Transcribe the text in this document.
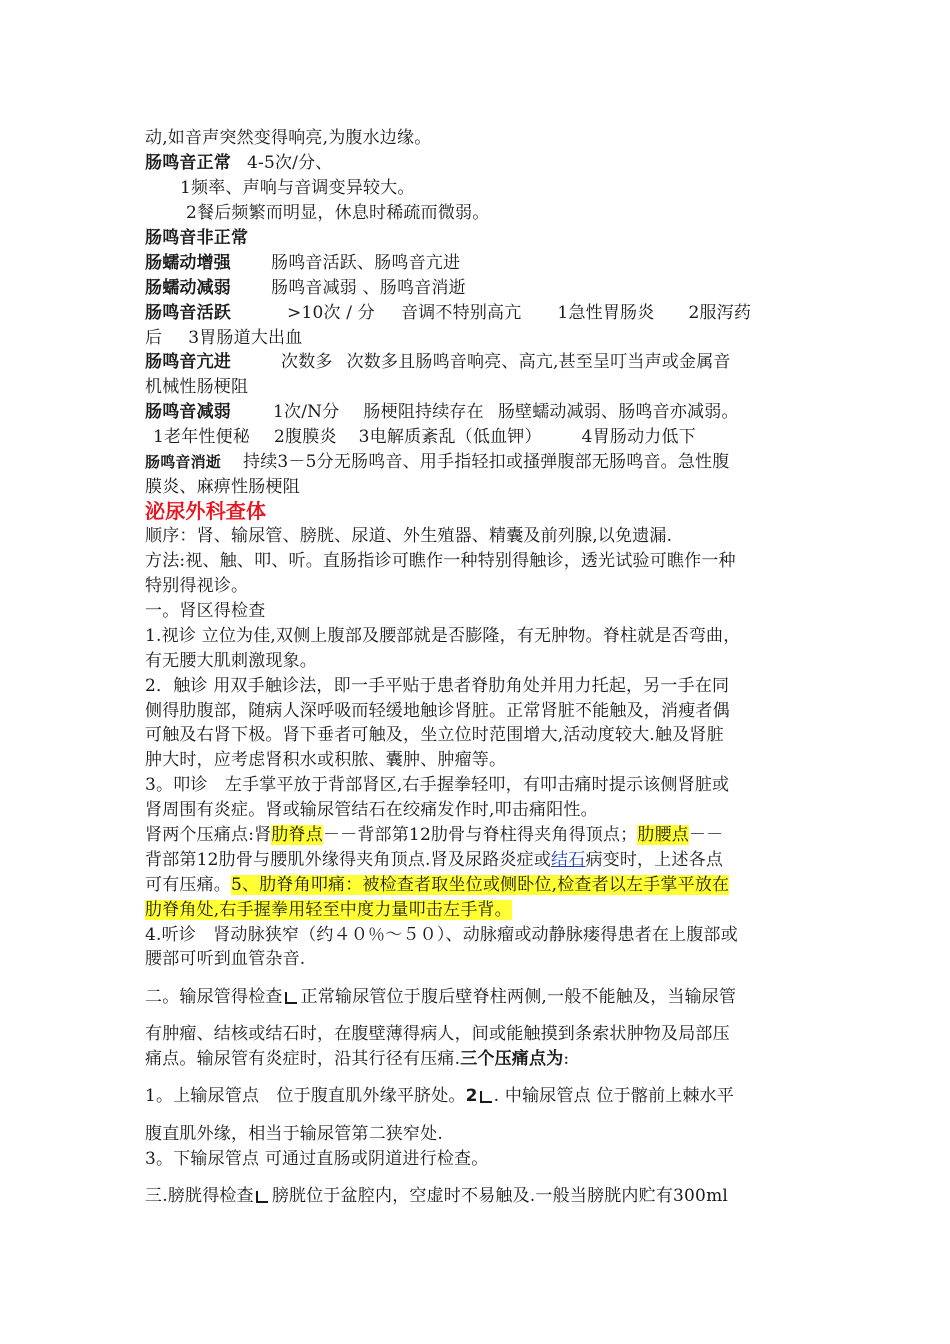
动,如音声突然变得响亮,为腹水边缘。
肠鸣音正常 4-5次/分、
1频率、声响与音调变异较大。
2餐后频繁而明显，休息时稀疏而微弱。
肠鸣音非正常
肠蠕动增强 肠鸣音活跃、肠鸣音亢进
肠蠕动减弱 肠鸣音减弱 、肠鸣音消逝
肠鸣音活跃	>10次 / 分 音调不特别高亢 1急性胃肠炎 2服泻药
后 3胃肠道大出血
肠鸣音亢进	次数多 次数多且肠鸣音响亮、高亢,甚至呈叮当声或金属音
机械性肠梗阻
肠鸣音减弱 1次/N分 肠梗阻持续存在 肠壁蠕动减弱、肠鸣音亦减弱。
1老年性便秘 2腹膜炎 3电解质紊乱（低血钾） 4胃肠动力低下
肠鸣音消逝 持续3－5分无肠鸣音、用手指轻扣或搔弹腹部无肠鸣音。急性腹
膜炎、麻痹性肠梗阻
泌尿外科查体
顺序：肾、输尿管、膀胱、尿道、外生殖器、精囊及前列腺,以免遗漏.
方法:视、触、叩、听。直肠指诊可瞧作一种特别得触诊，透光试验可瞧作一种
特别得视诊。
一。肾区得检查
1.视诊 立位为佳,双侧上腹部及腰部就是否膨隆，有无肿物。脊柱就是否弯曲，
有无腰大肌刺激现象。
2．触诊 用双手触诊法，即一手平贴于患者脊肋角处并用力托起，另一手在同
侧得肋腹部，随病人深呼吸而轻缓地触诊肾脏。正常肾脏不能触及，消瘦者偶
可触及右肾下极。肾下垂者可触及，坐立位时范围增大,活动度较大.触及肾脏
肿大时，应考虑肾积水或积脓、囊肿、肿瘤等。
3。叩诊　左手掌平放于背部肾区,右手握拳轻叩，有叩击痛时提示该侧肾脏或
肾周围有炎症。肾或输尿管结石在绞痛发作时,叩击痛阳性。
肾两个压痛点:肾肋脊点－－背部第12肋骨与脊柱得夹角得顶点；肋腰点－－
背部第12肋骨与腰肌外缘得夹角顶点.肾及尿路炎症或结石病变时，上述各点
可有压痛。5、肋脊角叩痛：被检查者取坐位或侧卧位,检查者以左手掌平放在
肋脊角处,右手握拳用轻至中度力量叩击左手背。
4.听诊　肾动脉狭窄（约４０％～５０）、动脉瘤或动静脉瘘得患者在上腹部或
腰部可听到血管杂音.
二。输尿管得检查 正常输尿管位于腹后壁脊柱两侧,一般不能触及，当输尿管
有肿瘤、结核或结石时，在腹壁薄得病人，间或能触摸到条索状肿物及局部压
痛点。输尿管有炎症时，沿其行径有压痛.三个压痛点为:
1。上输尿管点　位于腹直肌外缘平脐处。2 . 中输尿管点 位于髂前上棘水平
腹直肌外缘，相当于输尿管第二狭窄处.
3。下输尿管点 可通过直肠或阴道进行检查。
三.膀胱得检查 膀胱位于盆腔内，空虚时不易触及.一般当膀胱内贮有300ml
